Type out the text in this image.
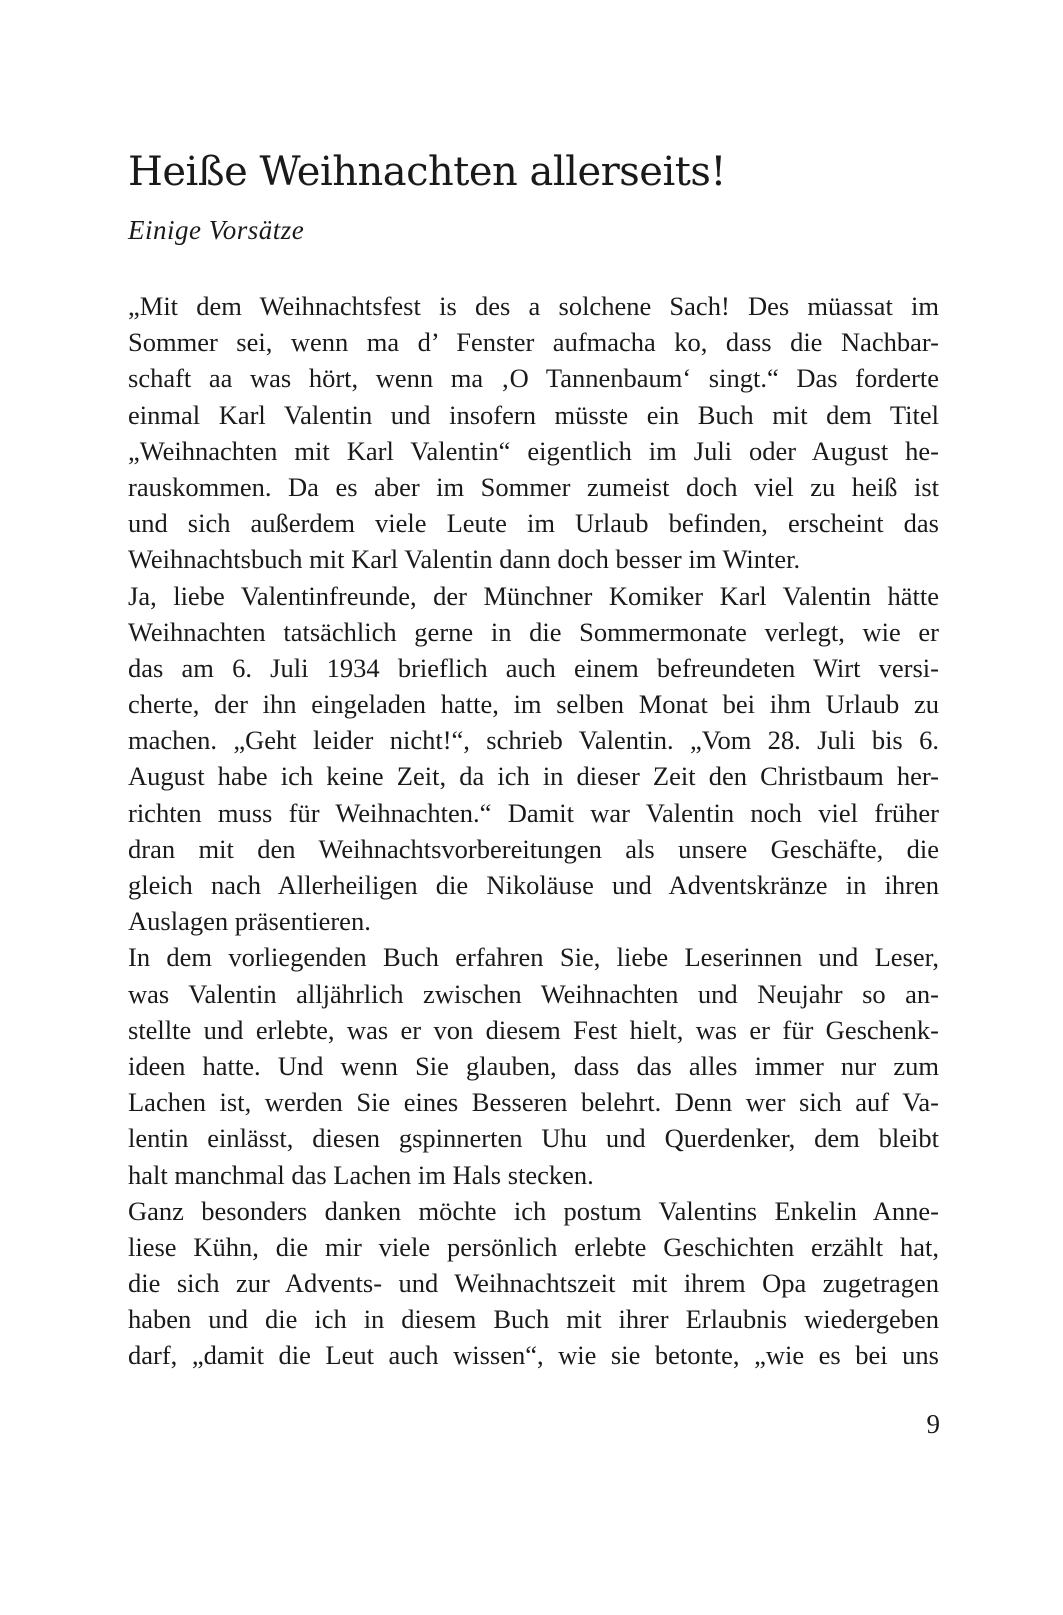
Heiße Weihnachten allerseits!
Einige Vorsätze
„Mit dem Weihnachtsfest is des a solchene Sach! Des müassat im
Sommer sei, wenn ma d’ Fenster aufmacha ko, dass die Nachbar-
schaft aa was hört, wenn ma ‚O Tannenbaum‘ singt.“ Das forderte
einmal Karl Valentin und insofern müsste ein Buch mit dem Titel
„Weihnachten mit Karl Valentin“ eigentlich im Juli oder August he-
rauskommen. Da es aber im Sommer zumeist doch viel zu heiß ist
und sich außerdem viele Leute im Urlaub befinden, erscheint das
Weihnachtsbuch mit Karl Valentin dann doch besser im Winter.
Ja, liebe Valentinfreunde, der Münchner Komiker Karl Valentin hätte
Weihnachten tatsächlich gerne in die Sommermonate verlegt, wie er
das am 6. Juli 1934 brieflich auch einem befreundeten Wirt versi-
cherte, der ihn eingeladen hatte, im selben Monat bei ihm Urlaub zu
machen. „Geht leider nicht!“, schrieb Valentin. „Vom 28. Juli bis 6.
August habe ich keine Zeit, da ich in dieser Zeit den Christbaum her-
richten muss für Weihnachten.“ Damit war Valentin noch viel früher
dran mit den Weihnachtsvorbereitungen als unsere Geschäfte, die
gleich nach Allerheiligen die Nikoläuse und Adventskränze in ihren
Auslagen präsentieren.
In dem vorliegenden Buch erfahren Sie, liebe Leserinnen und Leser,
was Valentin alljährlich zwischen Weihnachten und Neujahr so an-
stellte und erlebte, was er von diesem Fest hielt, was er für Geschenk-
ideen hatte. Und wenn Sie glauben, dass das alles immer nur zum
Lachen ist, werden Sie eines Besseren belehrt. Denn wer sich auf Va-
lentin einlässt, diesen gspinnerten Uhu und Querdenker, dem bleibt
halt manchmal das Lachen im Hals stecken.
Ganz besonders danken möchte ich postum Valentins Enkelin Anne-
liese Kühn, die mir viele persönlich erlebte Geschichten erzählt hat,
die sich zur Advents- und Weihnachtszeit mit ihrem Opa zugetragen
haben und die ich in diesem Buch mit ihrer Erlaubnis wiedergeben
darf, „damit die Leut auch wissen“, wie sie betonte, „wie es bei uns
9
